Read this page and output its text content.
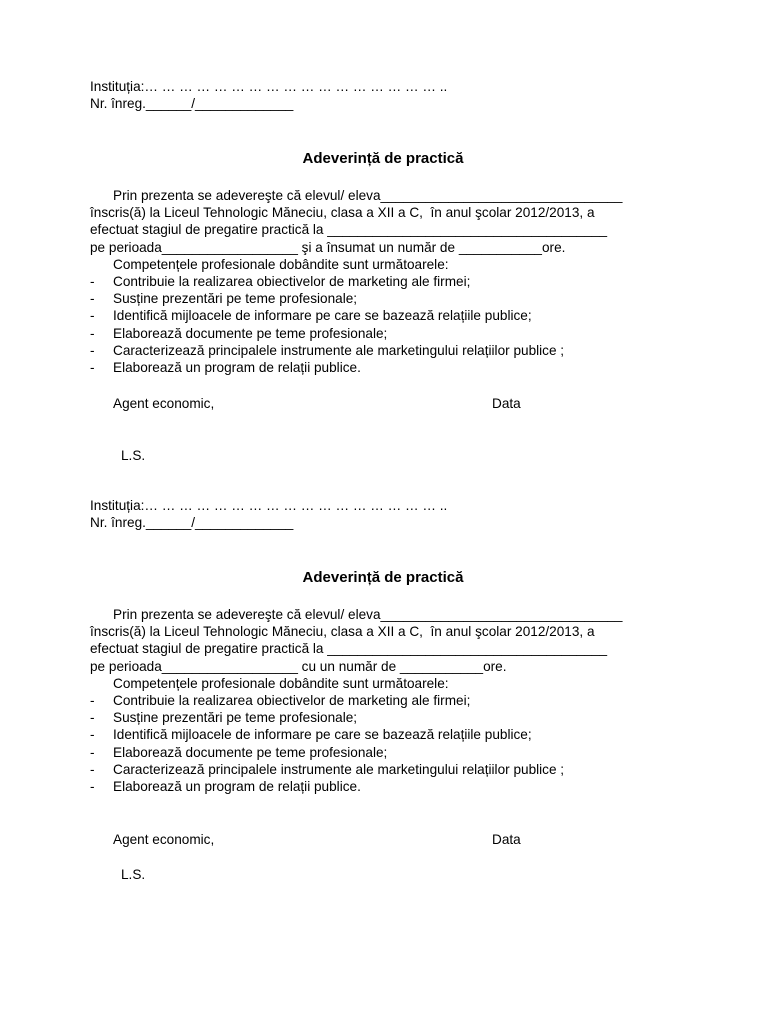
Instituția:… … … … … … … … … … … … … … … … … ..
Nr. înreg.______/_____________
Adeverință de practică
Prin prezenta se adevereşte că elevul/ eleva________________________________
înscris(ă) la Liceul Tehnologic Măneciu, clasa a XII a C,  în anul şcolar 2012/2013, a
efectuat stagiul de pregatire practică la _____________________________________
pe perioada__________________ şi a însumat un număr de ___________ore.
Competențele profesionale dobândite sunt următoarele:
- Contribuie la realizarea obiectivelor de marketing ale firmei;
- Susține prezentări pe teme profesionale;
- Identifică mijloacele de informare pe care se bazează relațiile publice;
- Elaborează documente pe teme profesionale;
- Caracterizează principalele instrumente ale marketingului relațiilor publice ;
- Elaborează un program de relații publice.
Agent economic,	Data
L.S.
Instituția:… … … … … … … … … … … … … … … … … ..
Nr. înreg.______/_____________
Adeverință de practică
Prin prezenta se adevereşte că elevul/ eleva________________________________
înscris(ă) la Liceul Tehnologic Măneciu, clasa a XII a C,  în anul şcolar 2012/2013, a
efectuat stagiul de pregatire practică la _____________________________________
pe perioada__________________ cu un număr de ___________ore.
Competențele profesionale dobândite sunt următoarele:
- Contribuie la realizarea obiectivelor de marketing ale firmei;
- Susține prezentări pe teme profesionale;
- Identifică mijloacele de informare pe care se bazează relațiile publice;
- Elaborează documente pe teme profesionale;
- Caracterizează principalele instrumente ale marketingului relațiilor publice ;
- Elaborează un program de relații publice.
Agent economic,	Data
L.S.
